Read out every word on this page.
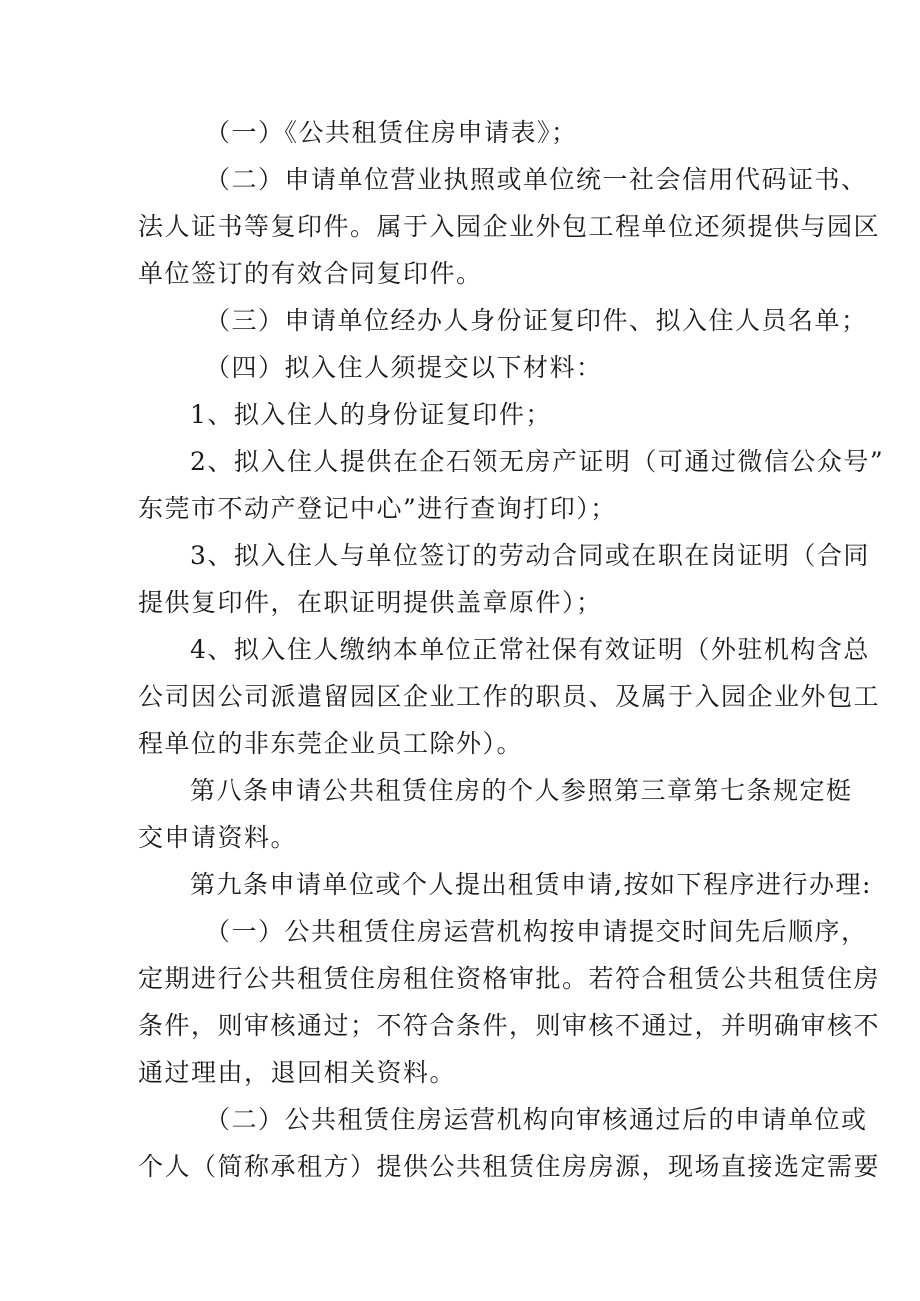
（一）《公共租赁住房申请表》；
（二）申请单位营业执照或单位统一社会信用代码证书、
法人证书等复印件。属于入园企业外包工程单位还须提供与园区
单位签订的有效合同复印件。
（三）申请单位经办人身份证复印件、拟入住人员名单；
（四）拟入住人须提交以下材料：
1、拟入住人的身份证复印件；
2、拟入住人提供在企石领无房产证明（可通过微信公众号”
东莞市不动产登记中心”进行查询打印）；
3、拟入住人与单位签订的劳动合同或在职在岗证明（合同
提供复印件，在职证明提供盖章原件）；
4、拟入住人缴纳本单位正常社保有效证明（外驻机构含总
公司因公司派遣留园区企业工作的职员、及属于入园企业外包工
程单位的非东莞企业员工除外）。
第八条申请公共租赁住房的个人参照第三章第七条规定梃
交申请资料。
第九条申请单位或个人提出租赁申请,按如下程序进行办理:
（一）公共租赁住房运营机构按申请提交时间先后顺序，
定期进行公共租赁住房租住资格审批。若符合租赁公共租赁住房
条件，则审核通过；不符合条件，则审核不通过，并明确审核不
通过理由，退回相关资料。
（二）公共租赁住房运营机构向审核通过后的申请单位或
个人（简称承租方）提供公共租赁住房房源，现场直接选定需要
